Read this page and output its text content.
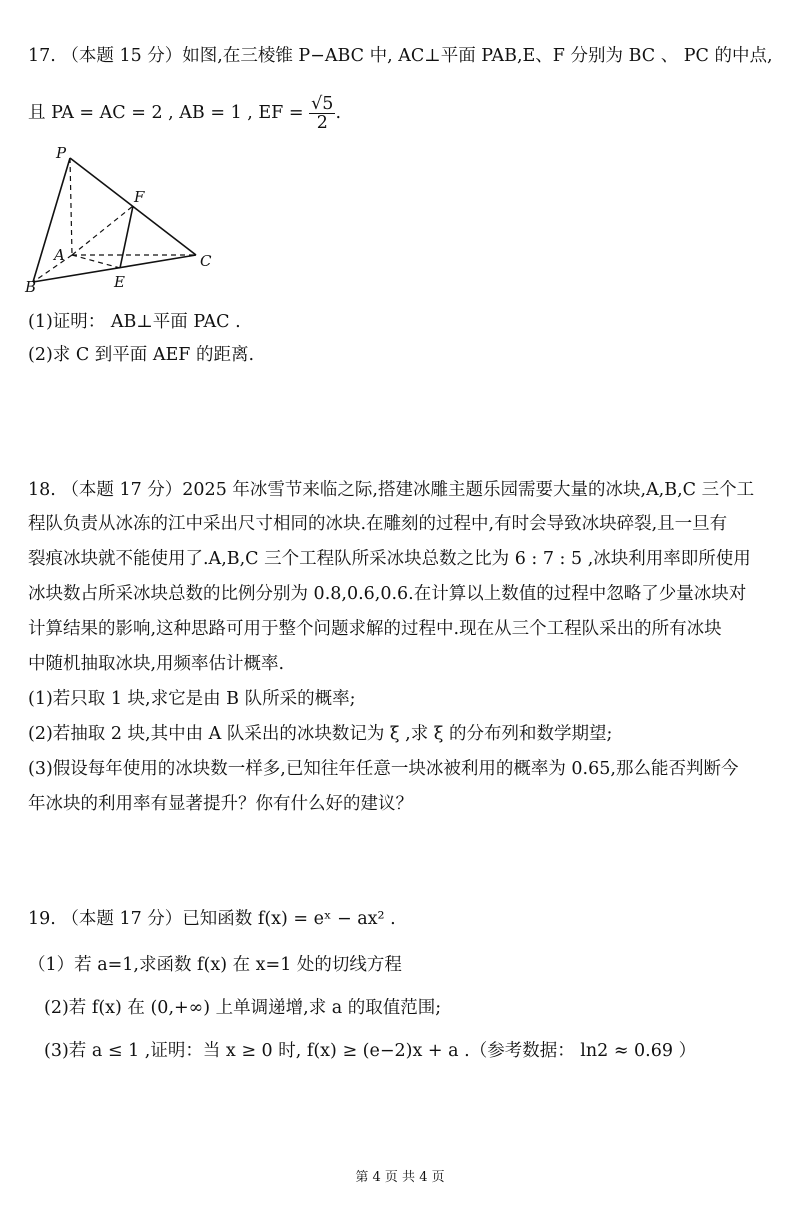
17. （本题 15 分）如图,在三棱锥 P−ABC 中, AC⊥平面 PAB,E、F 分别为 BC 、 PC 的中点,
且 PA = AC = 2 , AB = 1 , EF = $\frac{√5}{2}$ .
P
F
A	C
B	E
(1)证明： AB⊥平面 PAC .
(2)求 C 到平面 AEF 的距离.
18. （本题 17 分）2025 年冰雪节来临之际,搭建冰雕主题乐园需要大量的冰块,A,B,C 三个工
程队负责从冰冻的江中采出尺寸相同的冰块.在雕刻的过程中,有时会导致冰块碎裂,且一旦有
裂痕冰块就不能使用了.A,B,C 三个工程队所采冰块总数之比为 6 : 7 : 5 ,冰块利用率即所使用
冰块数占所采冰块总数的比例分别为 0.8,0.6,0.6.在计算以上数值的过程中忽略了少量冰块对
计算结果的影响,这种思路可用于整个问题求解的过程中.现在从三个工程队采出的所有冰块
中随机抽取冰块,用频率估计概率.
(1)若只取 1 块,求它是由 B 队所采的概率;
(2)若抽取 2 块,其中由 A 队采出的冰块数记为 ξ ,求 ξ 的分布列和数学期望;
(3)假设每年使用的冰块数一样多,已知往年任意一块冰被利用的概率为 0.65,那么能否判断今
年冰块的利用率有显著提升？你有什么好的建议？
19. （本题 17 分）已知函数 f(x) = eˣ − ax² .
（1）若 a=1,求函数 f(x) 在 x=1 处的切线方程
(2)若 f(x) 在 (0,+∞) 上单调递增,求 a 的取值范围;
(3)若 a ≤ 1 ,证明：当 x ≥ 0 时, f(x) ≥ (e−2)x + a .（参考数据： ln2 ≈ 0.69 ）
第 4 页 共 4 页
